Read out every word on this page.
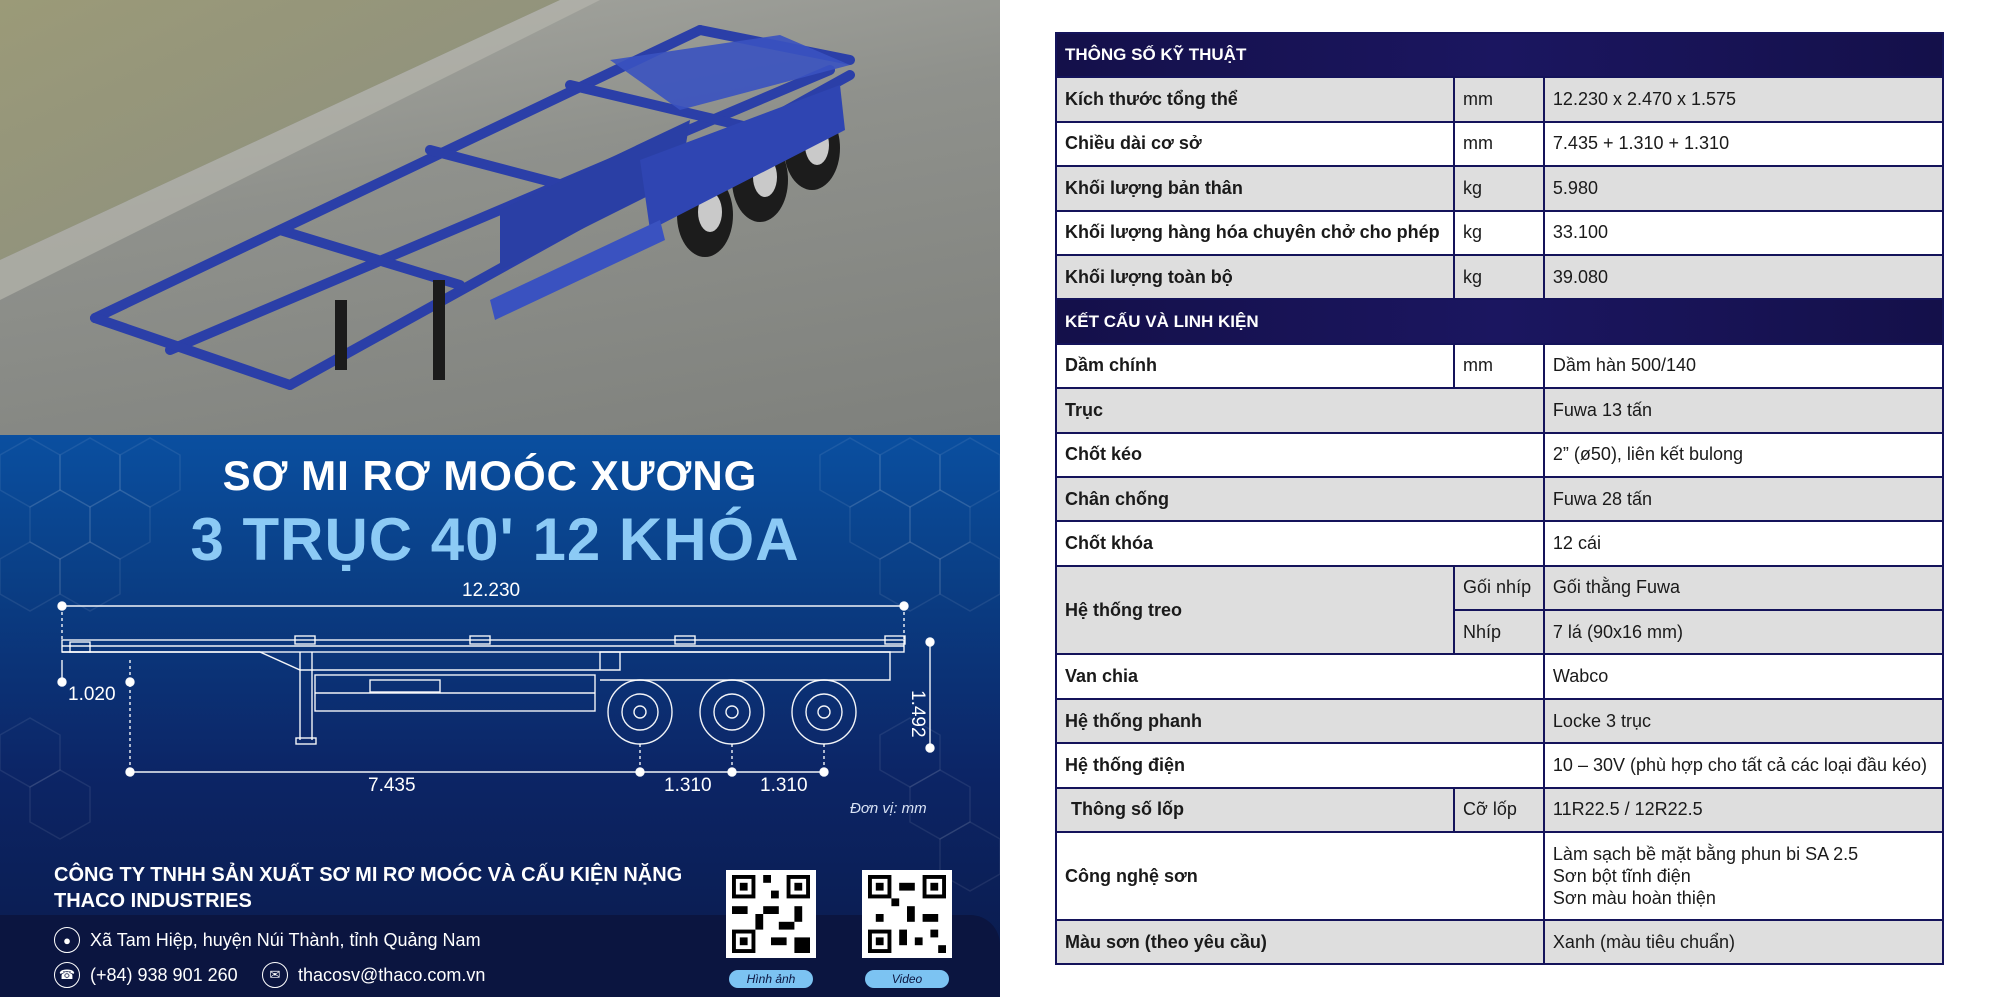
SƠ MI RƠ MOÓC XƯƠNG
3 TRỤC 40' 12 KHÓA
12.230
1.020	1.492
7.435	1.310	1.310
Đơn vị: mm
CÔNG TY TNHH SẢN XUẤT SƠ MI RƠ MOÓC VÀ CẤU KIỆN NẶNG
THACO INDUSTRIES
●	Xã Tam Hiệp, huyện Núi Thành, tỉnh Quảng Nam
☎ (+84) 938 901 260	✉ thacosv@thaco.com.vn	Hình ảnh	Video
THÔNG SỐ KỸ THUẬT		
Kích thước tổng thể	mm	12.230 x 2.470 x 1.575
Chiều dài cơ sở	mm	7.435 + 1.310 + 1.310
Khối lượng bản thân	kg	5.980
Khối lượng hàng hóa chuyên chở cho phép	kg	33.100
Khối lượng toàn bộ	kg	39.080
KẾT CẤU VÀ LINH KIỆN		
Dầm chính	mm	Dầm hàn 500/140
Trục		Fuwa 13 tấn
Chốt kéo		2” (ø50), liên kết bulong
Chân chống		Fuwa 28 tấn
Chốt khóa		12 cái
Hệ thống treo	Gối nhíp	Gối thằng Fuwa
	Nhíp	7 lá (90x16 mm)
Van chia		Wabco
Hệ thống phanh		Locke 3 trục
Hệ thống điện		10 – 30V (phù hợp cho tất cả các loại đầu kéo)
Thông số lốp	Cỡ lốp	11R22.5 / 12R22.5
Công nghệ sơn		Làm sạch bề mặt bằng phun bi SA 2.5
Sơn bột tĩnh điện
Sơn màu hoàn thiện

Màu sơn (theo yêu cầu)		Xanh (màu tiêu chuẩn)
